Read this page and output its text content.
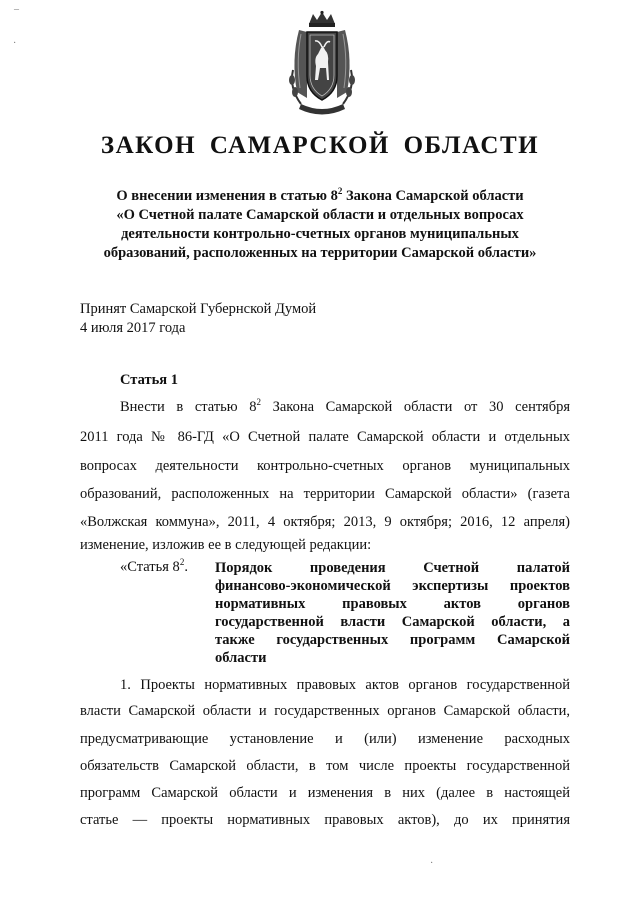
‒
·
ЗАКОН САМАРСКОЙ ОБЛАСТИ
О внесении изменения в статью $8^2$ Закона Самарской области
«О Счетной палате Самарской области и отдельных вопросах
деятельности контрольно-счетных органов муниципальных
образований, расположенных на территории Самарской области»
Принят Самарской Губернской Думой
4 июля 2017 года
Статья 1
Внести в статью $8^2$ Закона Самарской области от 30 сентября
2011 года № 86-ГД «О Счетной палате Самарской области и отдельных
вопросах деятельности контрольно-счетных органов муниципальных
образований, расположенных на территории Самарской области» (газета
«Волжская коммуна», 2011, 4 октября; 2013, 9 октября; 2016, 12 апреля)
изменение, изложив ее в следующей редакции:
«Статья $8^2$. Порядок проведения Счетной палатой
финансово-экономической экспертизы проектов
нормативных правовых актов органов
государственной власти Самарской области, а
также государственных программ Самарской
области
1. Проекты нормативных правовых актов органов государственной
власти Самарской области и государственных органов Самарской области,
предусматривающие установление и (или) изменение расходных
обязательств Самарской области, в том числе проекты государственной
программ Самарской области и изменения в них (далее в настоящей
статье — проекты нормативных правовых актов), до их принятия
·
